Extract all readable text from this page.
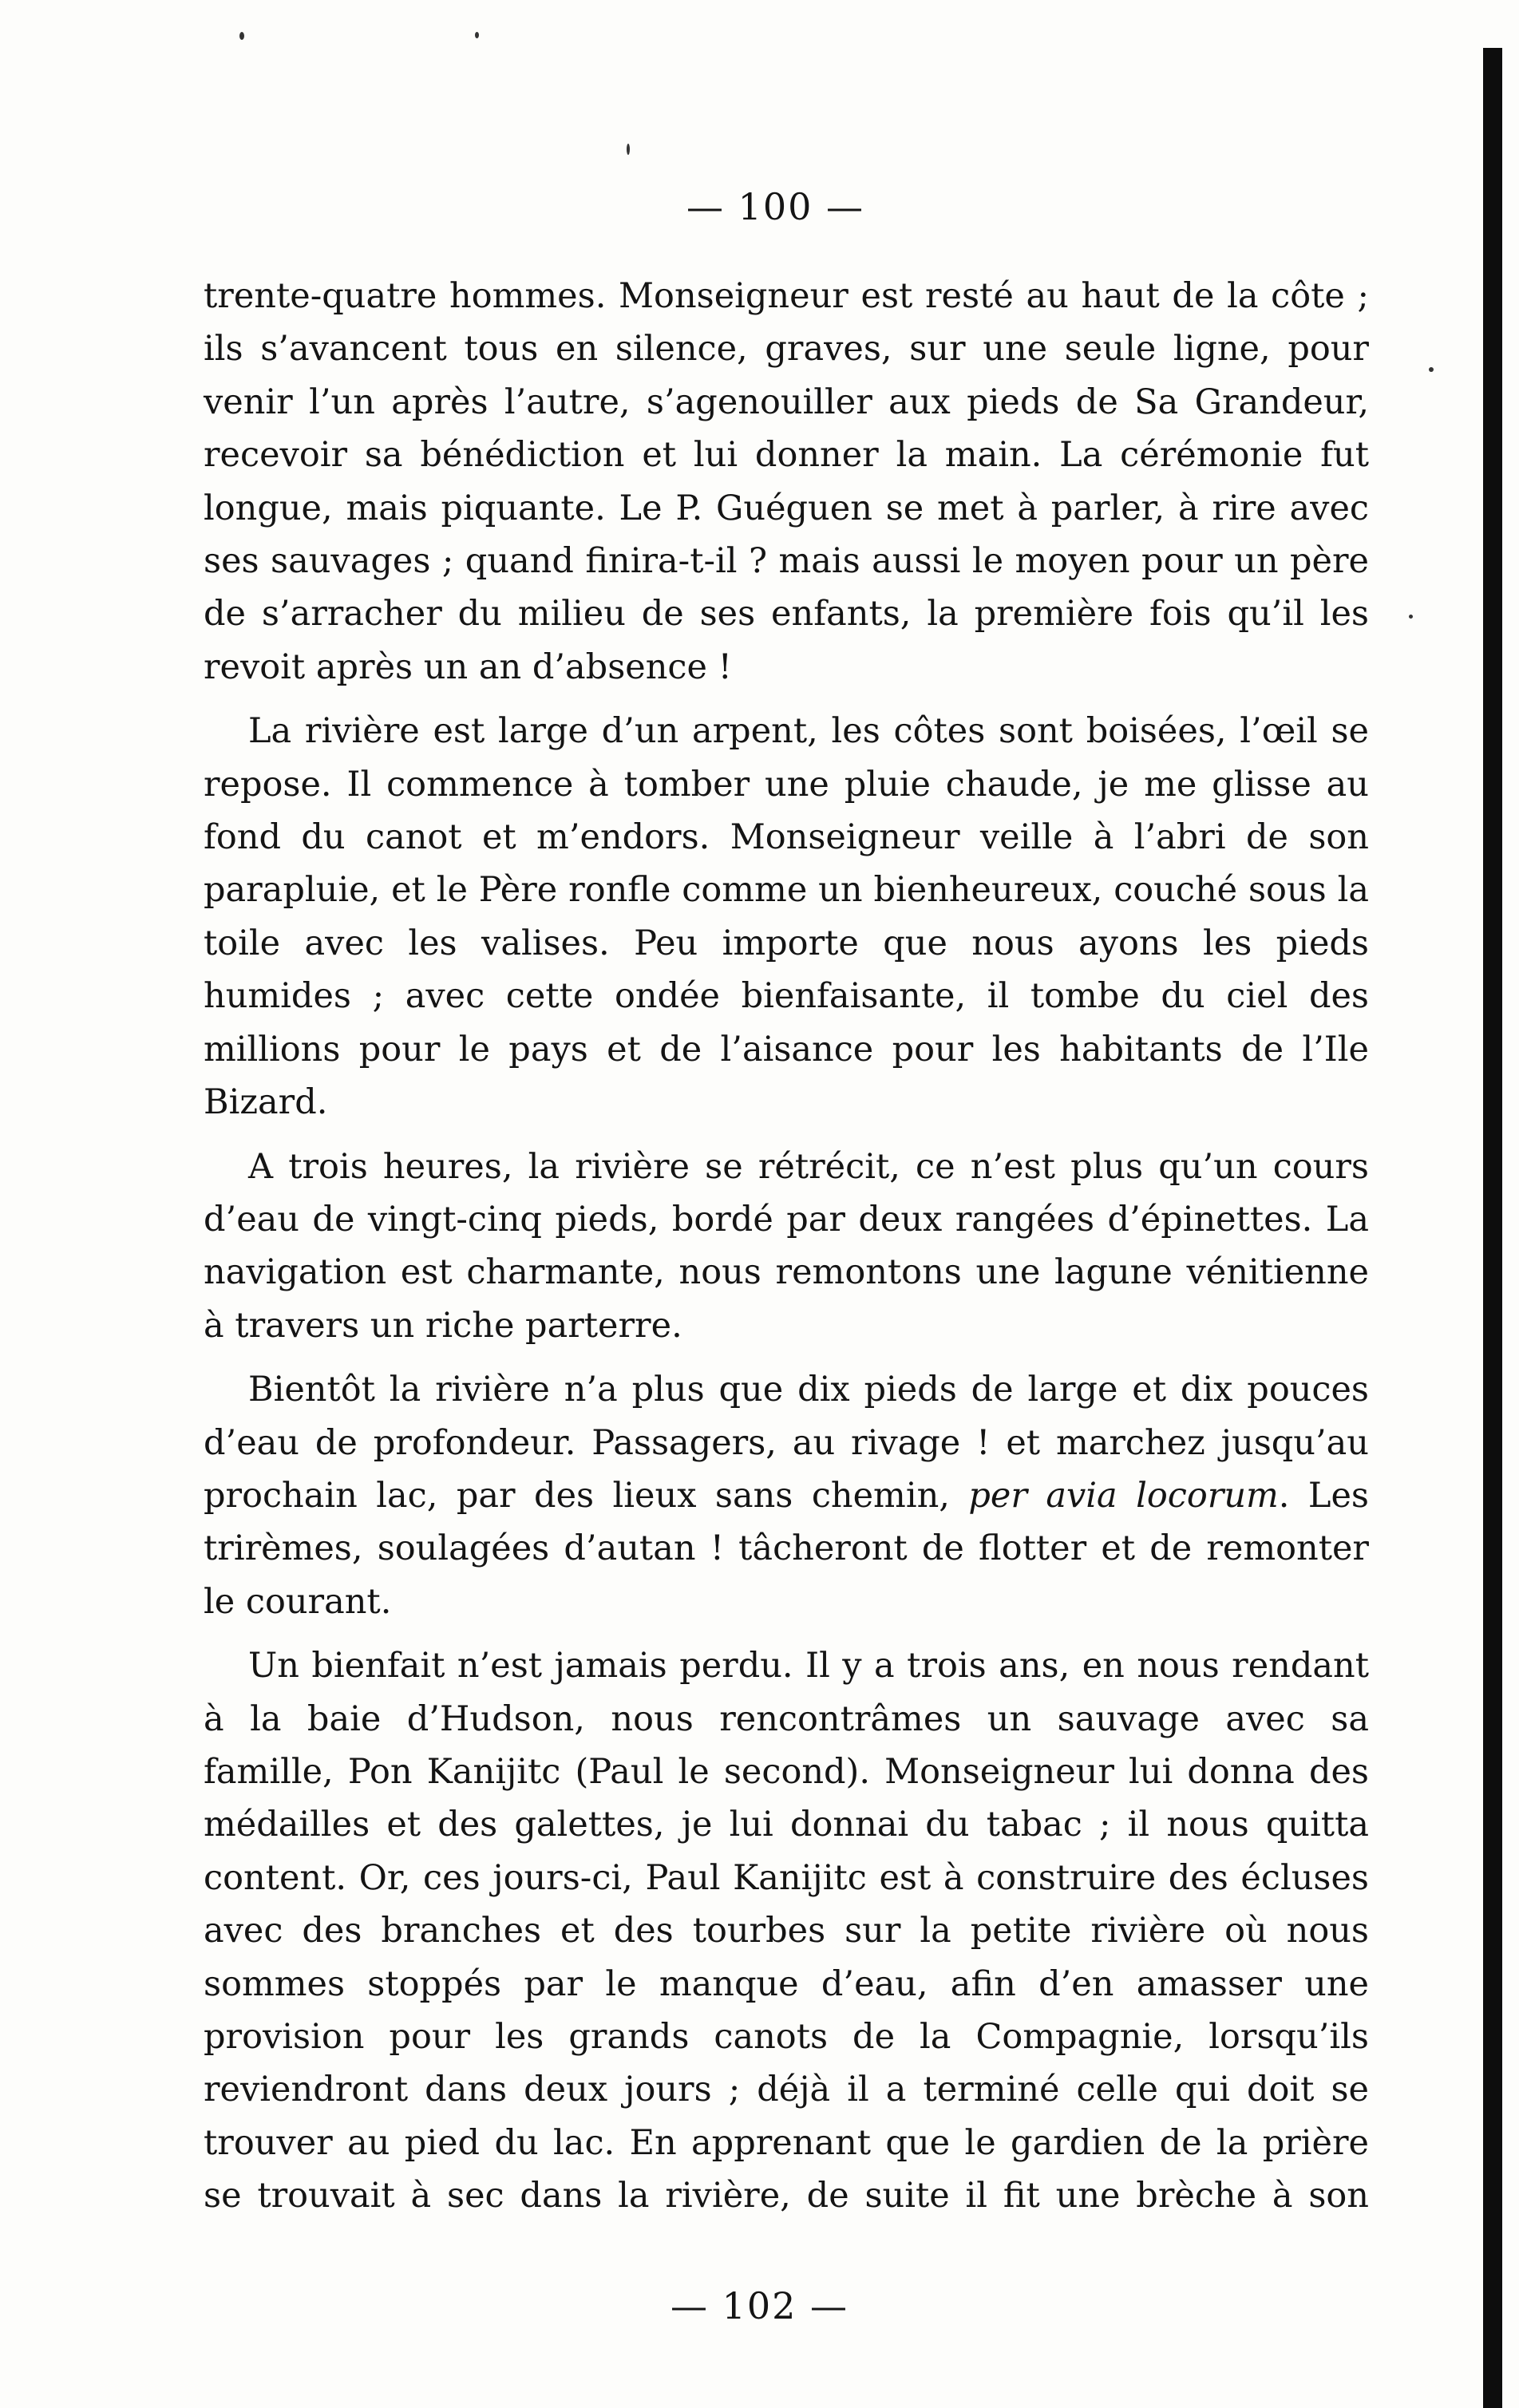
— 100 —

trente-quatre hommes. Monseigneur est resté au haut de la côte ; ils s’avancent tous en silence, graves, sur une seule ligne, pour venir l’un après l’autre, s’agenouiller aux pieds de Sa Grandeur, recevoir sa bénédiction et lui donner la main. La cérémonie fut longue, mais piquante. Le P. Guéguen se met à parler, à rire avec ses sauvages ; quand finira-t-il ? mais aussi le moyen pour un père de s’arracher du milieu de ses enfants, la première fois qu’il les revoit après un an d’absence !

La rivière est large d’un arpent, les côtes sont boisées, l’œil se repose. Il commence à tomber une pluie chaude, je me glisse au fond du canot et m’endors. Monseigneur veille à l’abri de son parapluie, et le Père ronfle comme un bienheureux, couché sous la toile avec les valises. Peu importe que nous ayons les pieds humides ; avec cette ondée bienfaisante, il tombe du ciel des millions pour le pays et de l’aisance pour les habitants de l’Ile Bizard.

A trois heures, la rivière se rétrécit, ce n’est plus qu’un cours d’eau de vingt-cinq pieds, bordé par deux rangées d’épinettes. La navigation est charmante, nous remontons une lagune vénitienne à travers un riche parterre.

Bientôt la rivière n’a plus que dix pieds de large et dix pouces d’eau de profondeur. Passagers, au rivage ! et marchez jusqu’au prochain lac, par des lieux sans chemin, per avia locorum. Les trirèmes, soulagées d’autan ! tâcheront de flotter et de remonter le courant.

Un bienfait n’est jamais perdu. Il y a trois ans, en nous rendant à la baie d’Hudson, nous rencontrâmes un sauvage avec sa famille, Pon Kanijitc (Paul le second). Monseigneur lui donna des médailles et des galettes, je lui donnai du tabac ; il nous quitta content. Or, ces jours-ci, Paul Kanijitc est à construire des écluses avec des branches et des tourbes sur la petite rivière où nous sommes stoppés par le manque d’eau, afin d’en amasser une provision pour les grands canots de la Compagnie, lorsqu’ils reviendront dans deux jours ; déjà il a terminé celle qui doit se trouver au pied du lac. En apprenant que le gardien de la prière se trouvait à sec dans la rivière, de suite il fit une brèche à son

— 102 —
